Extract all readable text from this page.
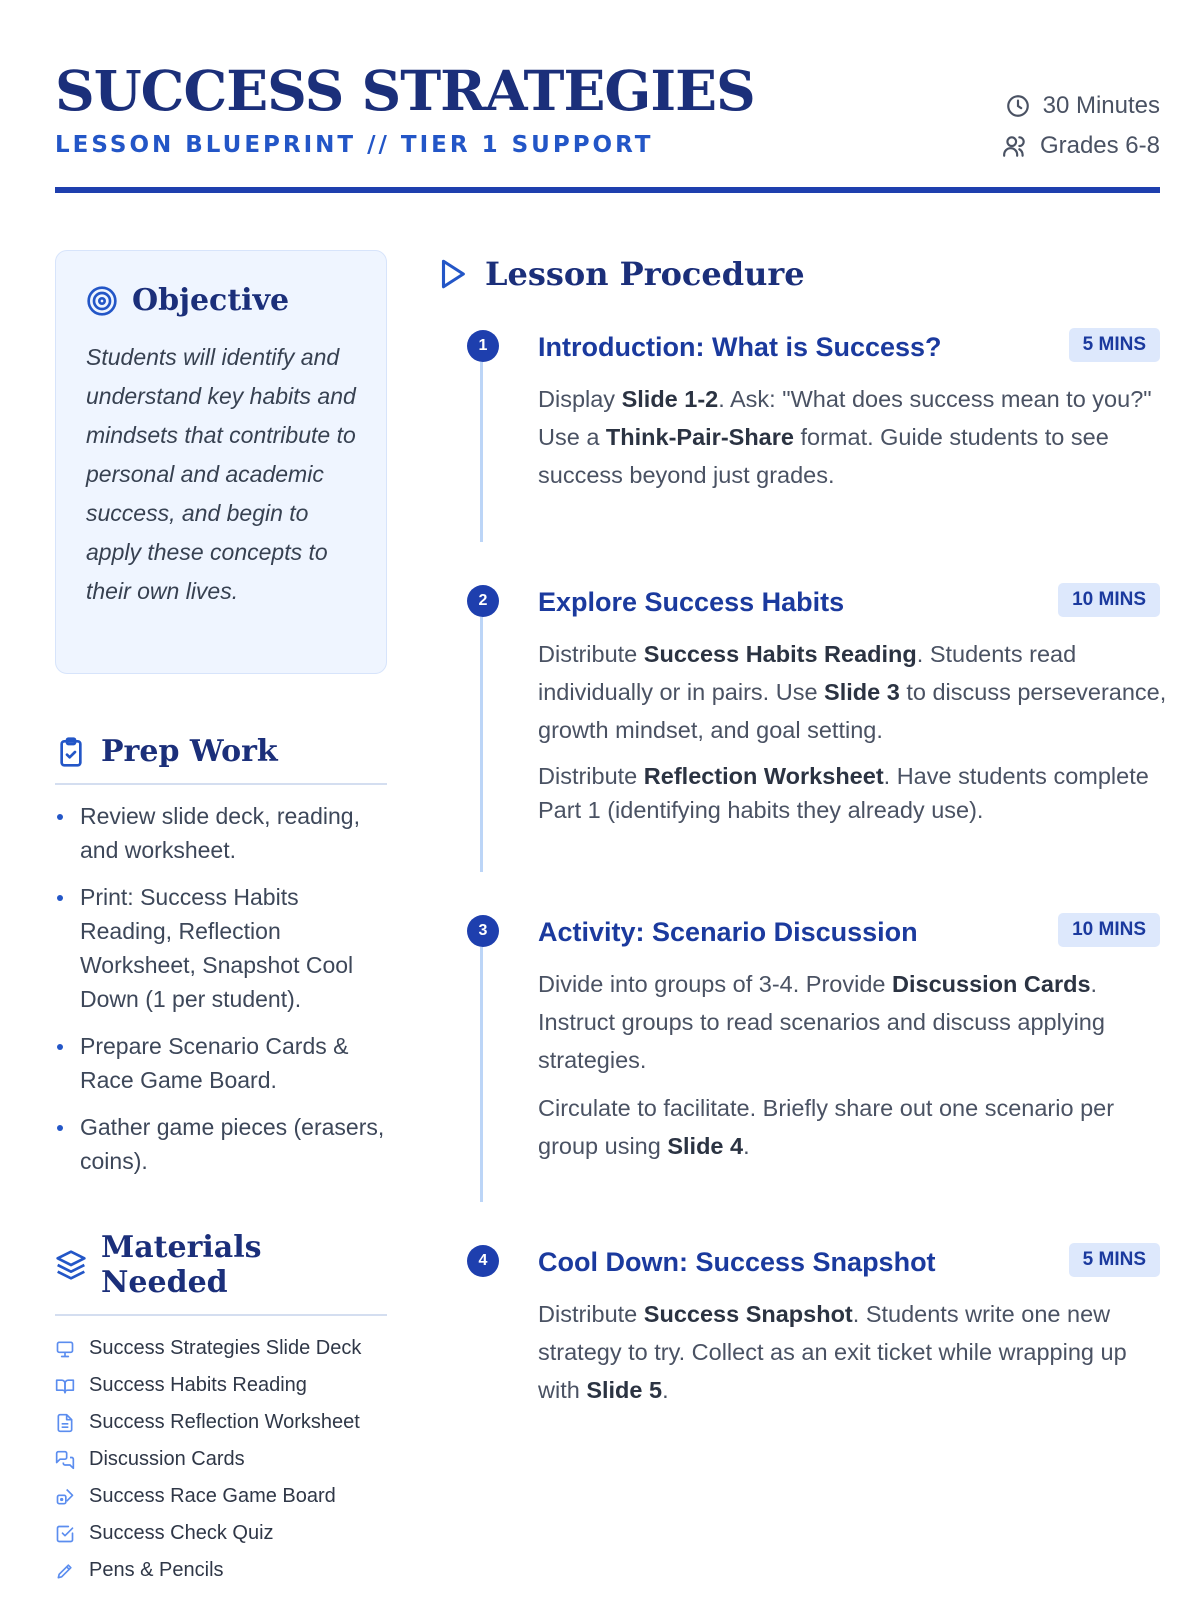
SUCCESS STRATEGIES
LESSON BLUEPRINT // TIER 1 SUPPORT
30 Minutes
Grades 6-8
Objective

Students will identify and understand key habits and mindsets that contribute to personal and academic success, and begin to apply these concepts to their own lives.

Prep Work
Review slide deck, reading, and worksheet.
Print: Success Habits Reading, Reflection Worksheet, Snapshot Cool Down (1 per student).
Prepare Scenario Cards & Race Game Board.
Gather game pieces (erasers, coins).
Materials Needed
Success Strategies Slide Deck
Success Habits Reading
Success Reflection Worksheet
Discussion Cards
Success Race Game Board
Success Check Quiz
Pens & Pencils
Lesson Procedure
1	Introduction: What is Success?	5 MINS

Display Slide 1-2. Ask: "What does success mean to you?" Use a Think-Pair-Share format. Guide students to see success beyond just grades.

2	Explore Success Habits	10 MINS

Distribute Success Habits Reading. Students read individually or in pairs. Use Slide 3 to discuss perseverance, growth mindset, and goal setting.

Distribute Reflection Worksheet. Have students complete Part 1 (identifying habits they already use).

3	Activity: Scenario Discussion	10 MINS

Divide into groups of 3-4. Provide Discussion Cards. Instruct groups to read scenarios and discuss applying strategies.

Circulate to facilitate. Briefly share out one scenario per group using Slide 4.

4	Cool Down: Success Snapshot	5 MINS

Distribute Success Snapshot. Students write one new strategy to try. Collect as an exit ticket while wrapping up with Slide 5.
